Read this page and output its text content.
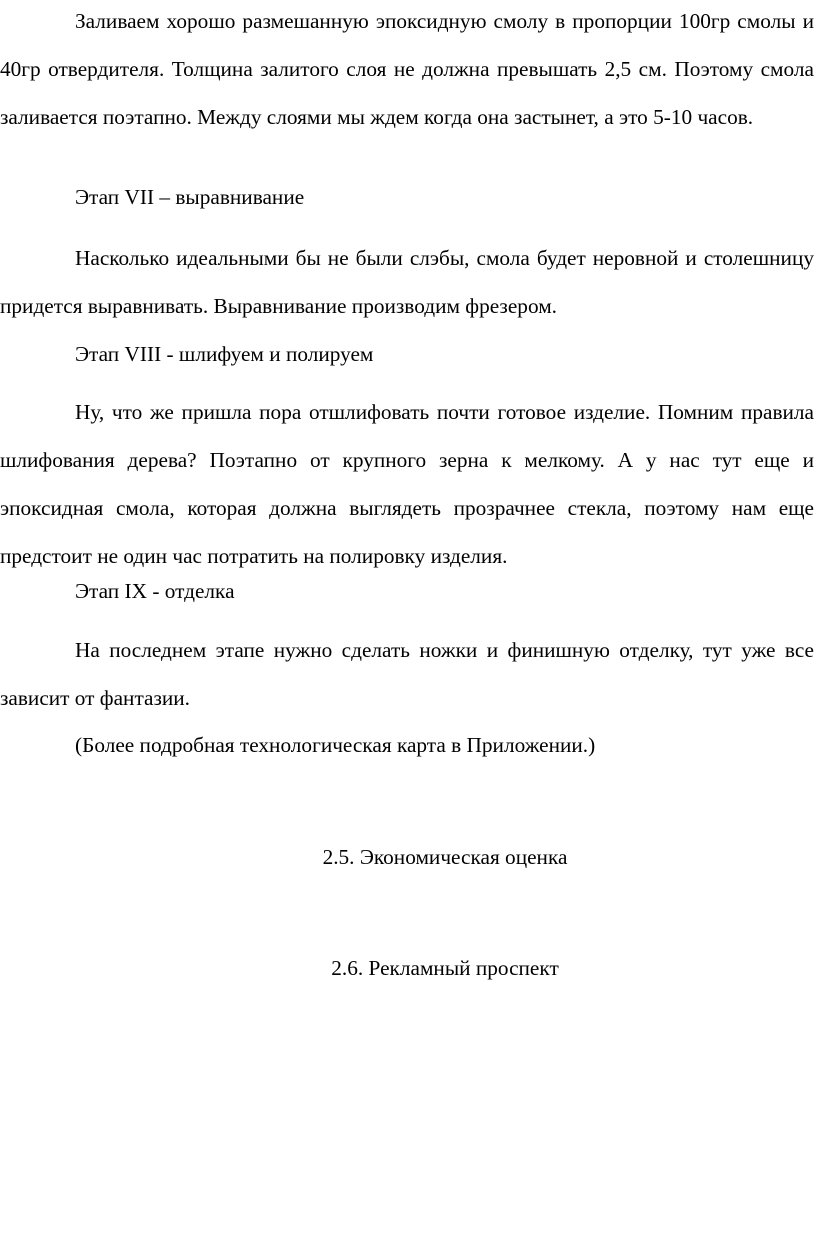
Заливаем хорошо размешанную эпоксидную смолу в пропорции 100гр смолы и 40гр отвердителя. Толщина залитого слоя не должна превышать 2,5 см. Поэтому смола заливается поэтапно. Между слоями мы ждем когда она застынет, а это 5-10 часов.

Этап VII – выравнивание

Насколько идеальными бы не были слэбы, смола будет неровной и столешницу придется выравнивать. Выравнивание производим фрезером.

Этап VIII - шлифуем и полируем

Ну, что же пришла пора отшлифовать почти готовое изделие. Помним правила шлифования дерева? Поэтапно от крупного зерна к мелкому. А у нас тут еще и эпоксидная смола, которая должна выглядеть прозрачнее стекла, поэтому нам еще предстоит не один час потратить на полировку изделия.

Этап IX - отделка

На последнем этапе нужно сделать ножки и финишную отделку, тут уже все зависит от фантазии.

(Более подробная технологическая карта в Приложении.)

2.5. Экономическая оценка

2.6. Рекламный проспект
